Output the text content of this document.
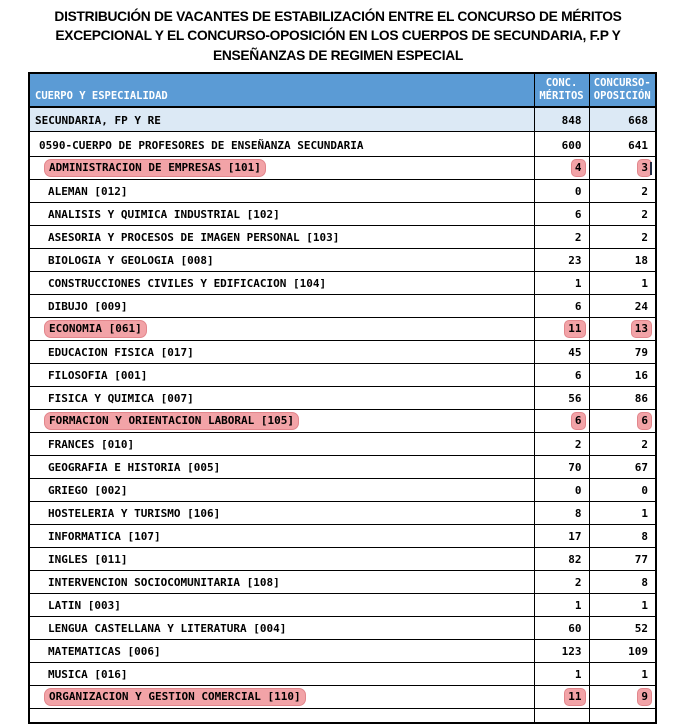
DISTRIBUCIÓN DE VACANTES DE ESTABILIZACIÓN ENTRE EL CONCURSO DE MÉRITOS
EXCEPCIONAL Y EL CONCURSO-OPOSICIÓN EN LOS CUERPOS DE SECUNDARIA, F.P Y
ENSEÑANZAS DE REGIMEN ESPECIAL
CUERPO Y ESPECIALIDAD	CONC. MÉRITOS	CONCURSO-OPOSICIÓN
SECUNDARIA, FP Y RE	848	668
0590-CUERPO DE PROFESORES DE ENSEÑANZA SECUNDARIA	600	641
ADMINISTRACION DE EMPRESAS [101]	4	3

ALEMAN [012]	0	2
ANALISIS Y QUIMICA INDUSTRIAL [102]	6	2
ASESORIA Y PROCESOS DE IMAGEN PERSONAL [103]	2	2
BIOLOGIA Y GEOLOGIA [008]	23	18
CONSTRUCCIONES CIVILES Y EDIFICACION [104]	1	1
DIBUJO [009]	6	24
ECONOMIA [061]	11	13
EDUCACION FISICA [017]	45	79
FILOSOFIA [001]	6	16
FISICA Y QUIMICA [007]	56	86
FORMACION Y ORIENTACION LABORAL [105]	6	6
FRANCES [010]	2	2
GEOGRAFIA E HISTORIA [005]	70	67
GRIEGO [002]	0	0
HOSTELERIA Y TURISMO [106]	8	1
INFORMATICA [107]	17	8
INGLES [011]	82	77
INTERVENCION SOCIOCOMUNITARIA [108]	2	8
LATIN [003]	1	1
LENGUA CASTELLANA Y LITERATURA [004]	60	52
MATEMATICAS [006]	123	109
MUSICA [016]	1	1
ORGANIZACION Y GESTION COMERCIAL [110]	11	9
